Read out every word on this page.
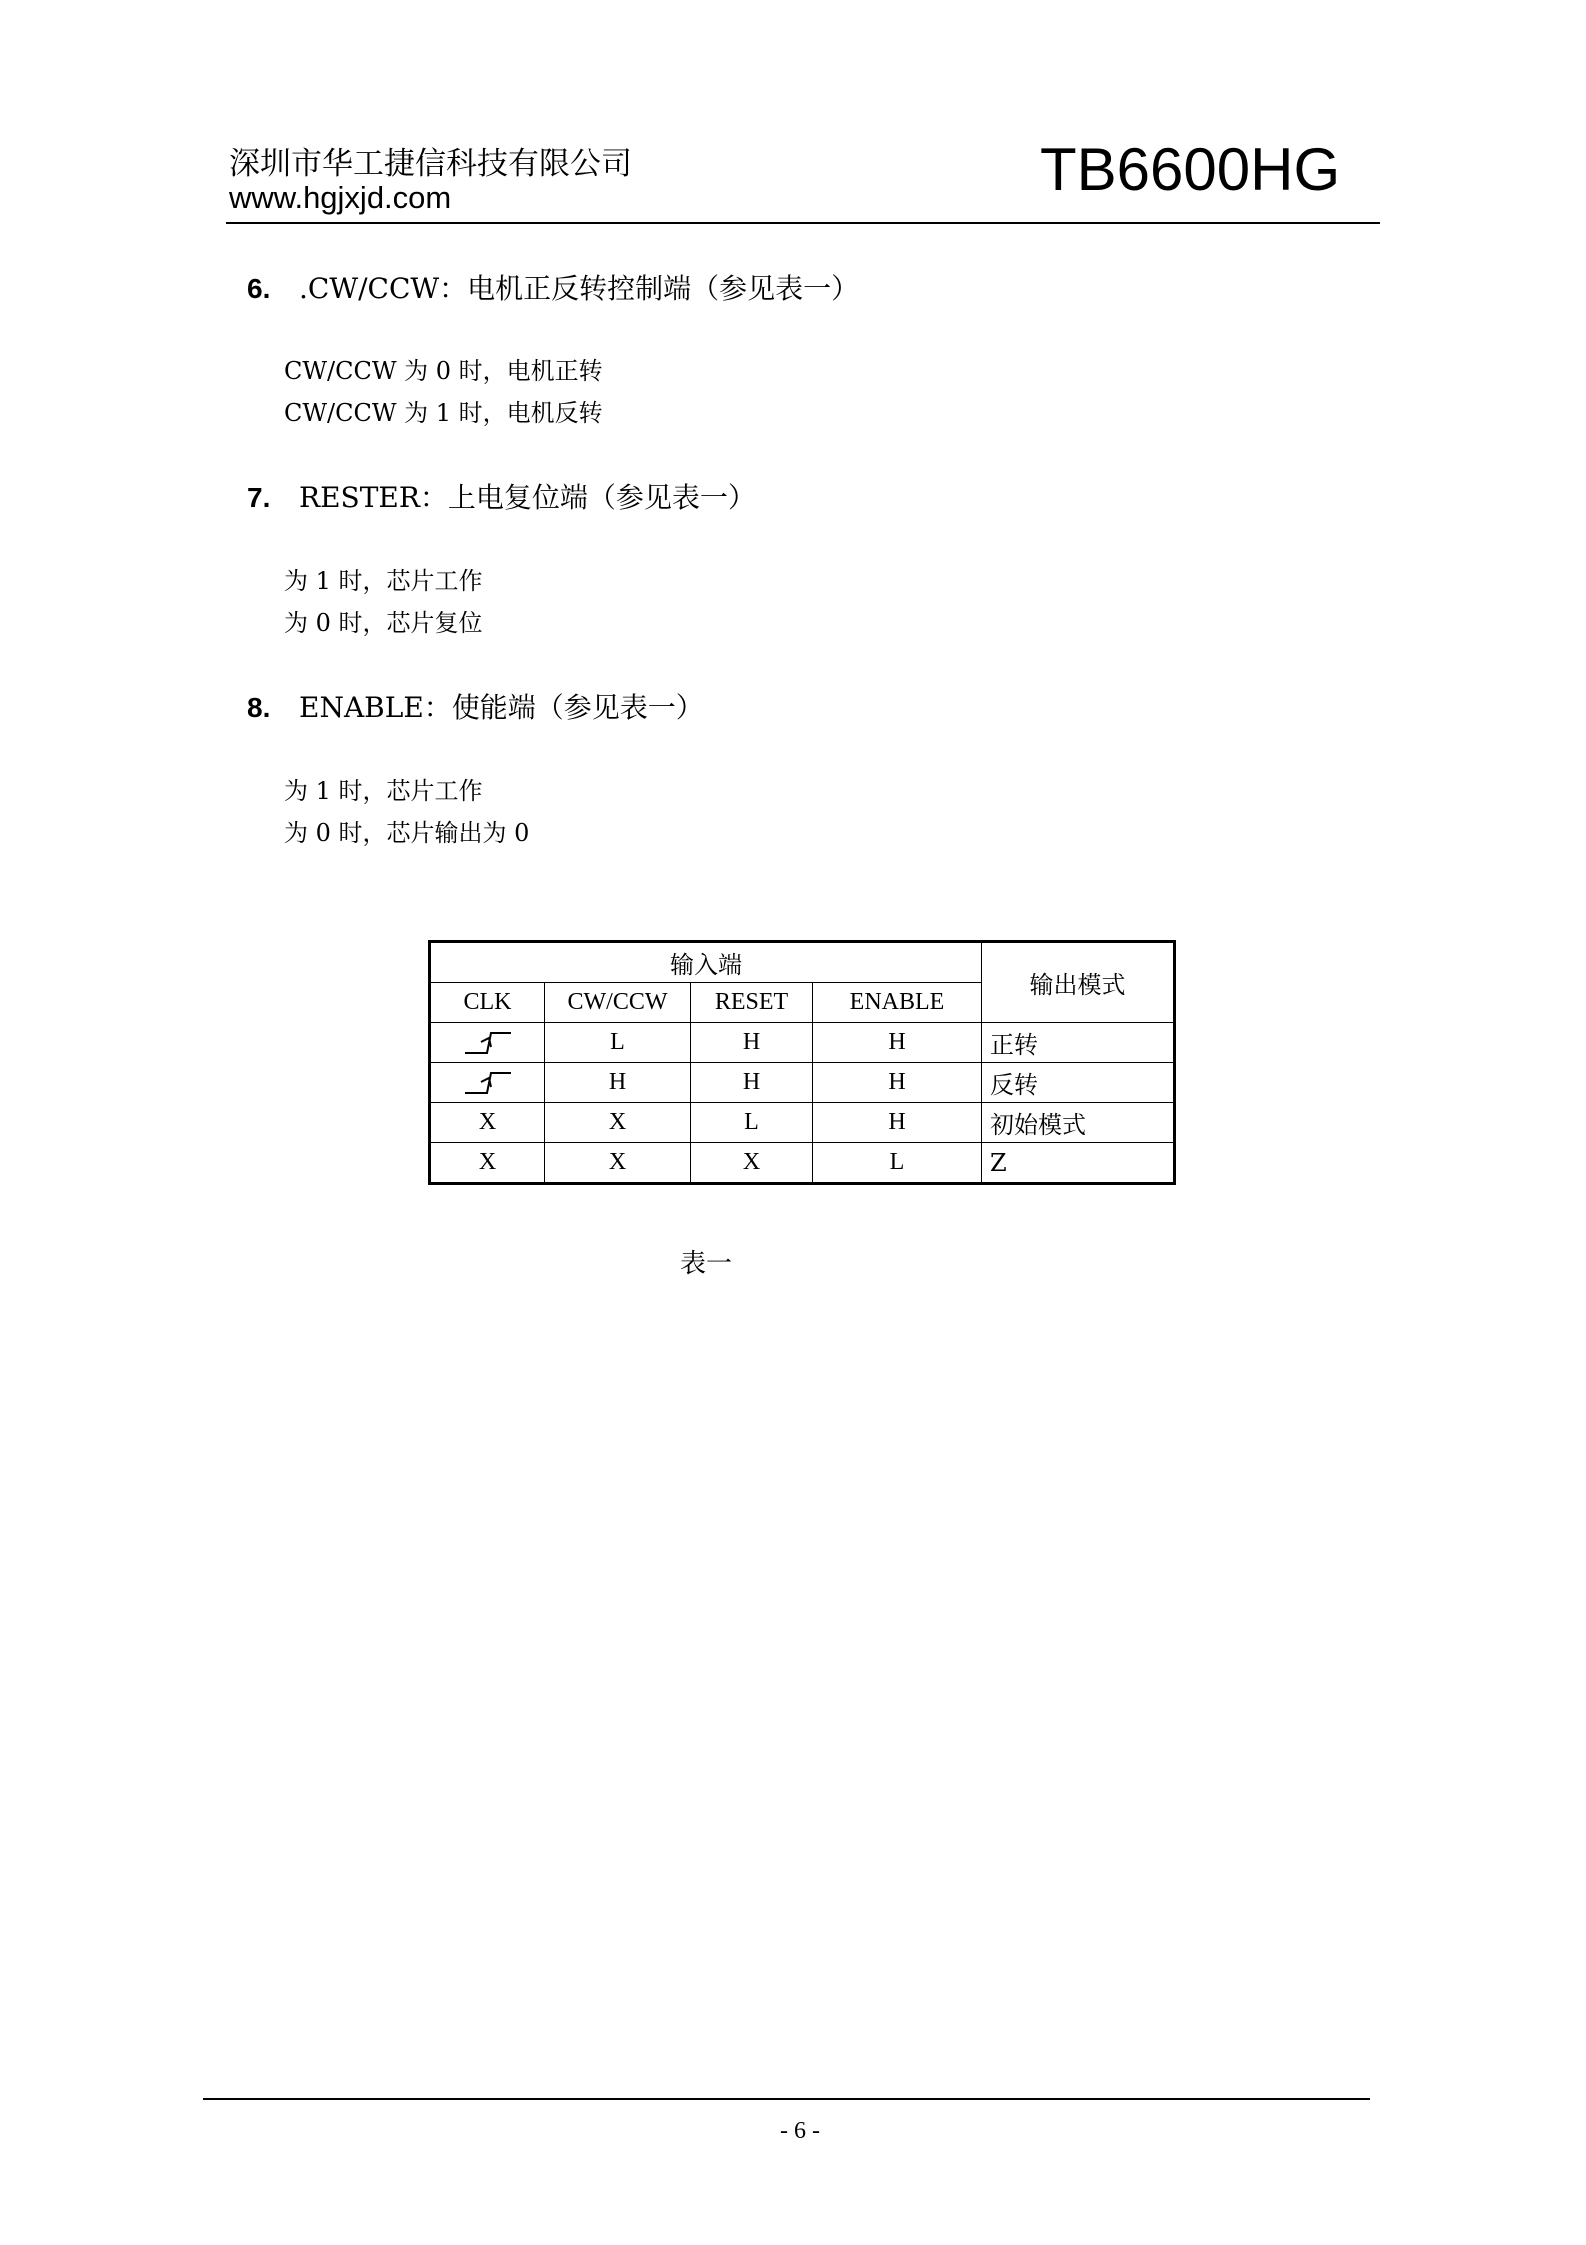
深圳市华工捷信科技有限公司
www.hgjxjd.com	TB6600HG
6. .CW/CCW：电机正反转控制端（参见表一）
CW/CCW 为 0 时，电机正转
CW/CCW 为 1 时，电机反转
7. RESTER：上电复位端（参见表一）
为 1 时，芯片工作
为 0 时，芯片复位
8. ENABLE：使能端（参见表一）
为 1 时，芯片工作
为 0 时，芯片输出为 0
输入端				输出模式
CLK	CW/CCW	RESET	ENABLE	
	L	H	H	正转
	H	H	H	反转
X	X	L	H	初始模式
X	X	X	L	Z
表一
- 6 -
